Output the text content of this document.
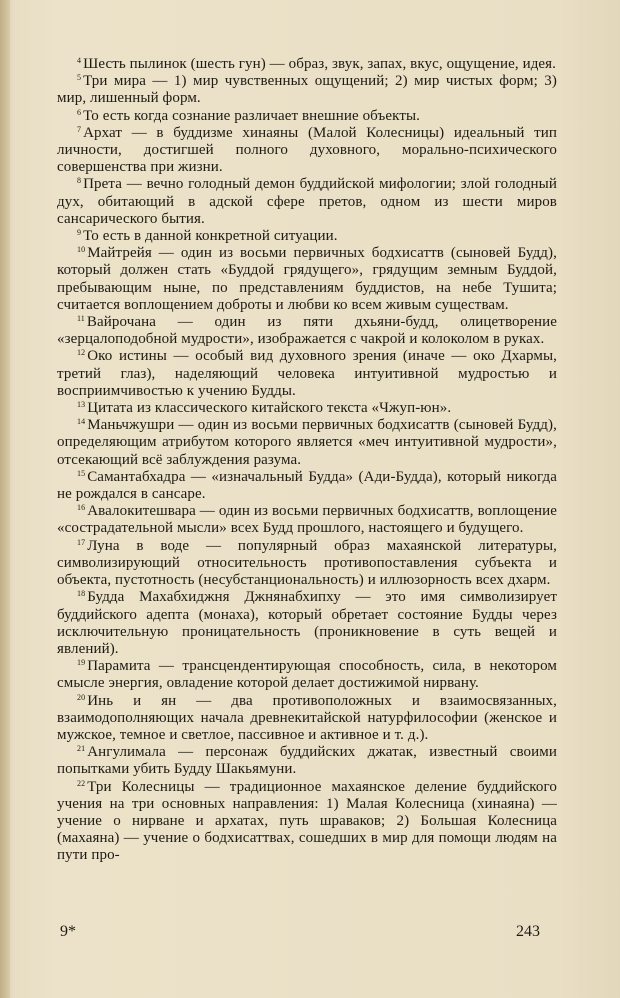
$^4$ Шесть пылинок (шесть гун) — образ, звук, запах, вкус, ощущение, идея.

$^5$ Три мира — 1) мир чувственных ощущений; 2) мир чистых форм; 3) мир, лишенный форм.

$^6$ То есть когда сознание различает внешние объекты.

$^7$ Архат — в буддизме хинаяны (Малой Колесницы) идеальный тип личности, достигшей полного духовного, морально-психического совершенства при жизни.

$^8$ Прета — вечно голодный демон буддийской мифологии; злой голодный дух, обитающий в адской сфере претов, одном из шести миров сансарического бытия.

$^9$ То есть в данной конкретной ситуации.

$^{10}$ Майтрейя — один из восьми первичных бодхисаттв (сыновей Будд), который должен стать «Буддой грядущего», грядущим земным Буддой, пребывающим ныне, по представлениям буддистов, на небе Тушита; считается воплощением доброты и любви ко всем живым существам.

$^{11}$ Вайрочана — один из пяти дхьяни-будд, олицетворение «зерцалоподобной мудрости», изображается с чакрой и колоколом в руках.

$^{12}$ Око истины — особый вид духовного зрения (иначе — око Дхармы, третий глаз), наделяющий человека интуитивной мудростью и восприимчивостью к учению Будды.

$^{13}$ Цитата из классического китайского текста «Чжуп-юн».

$^{14}$ Маньчжушри — один из восьми первичных бодхисаттв (сыновей Будд), определяющим атрибутом которого является «меч интуитивной мудрости», отсекающий всё заблуждения разума.

$^{15}$ Самантабхадра — «изначальный Будда» (Ади-Будда), который никогда не рождался в сансаре.

$^{16}$ Авалокитешвара — один из восьми первичных бодхисаттв, воплощение «сострадательной мысли» всех Будд прошлого, настоящего и будущего.

$^{17}$ Луна в воде — популярный образ махаянской литературы, символизирующий относительность противопоставления субъекта и объекта, пустотность (несубстанциональность) и иллюзорность всех дхарм.

$^{18}$ Будда Махабхиджня Джнянабхипху — это имя символизирует буддийского адепта (монаха), который обретает состояние Будды через исключительную проницательность (проникновение в суть вещей и явлений).

$^{19}$ Парамита — трансцендентирующая способность, сила, в некотором смысле энергия, овладение которой делает достижимой нирвану.

$^{20}$ Инь и ян — два противоположных и взаимосвязанных, взаимодополняющих начала древнекитайской натурфилософии (женское и мужское, темное и светлое, пассивное и активное и т. д.).

$^{21}$ Ангулимала — персонаж буддийских джатак, известный своими попытками убить Будду Шакьямуни.

$^{22}$ Три Колесницы — традиционное махаянское деление буддийского учения на три основных направления: 1) Малая Колесница (хинаяна) — учение о нирване и архатах, путь шраваков; 2) Большая Колесница (махаяна) — учение о бодхисаттвах, сошедших в мир для помощи людям на пути про-

9*	243
